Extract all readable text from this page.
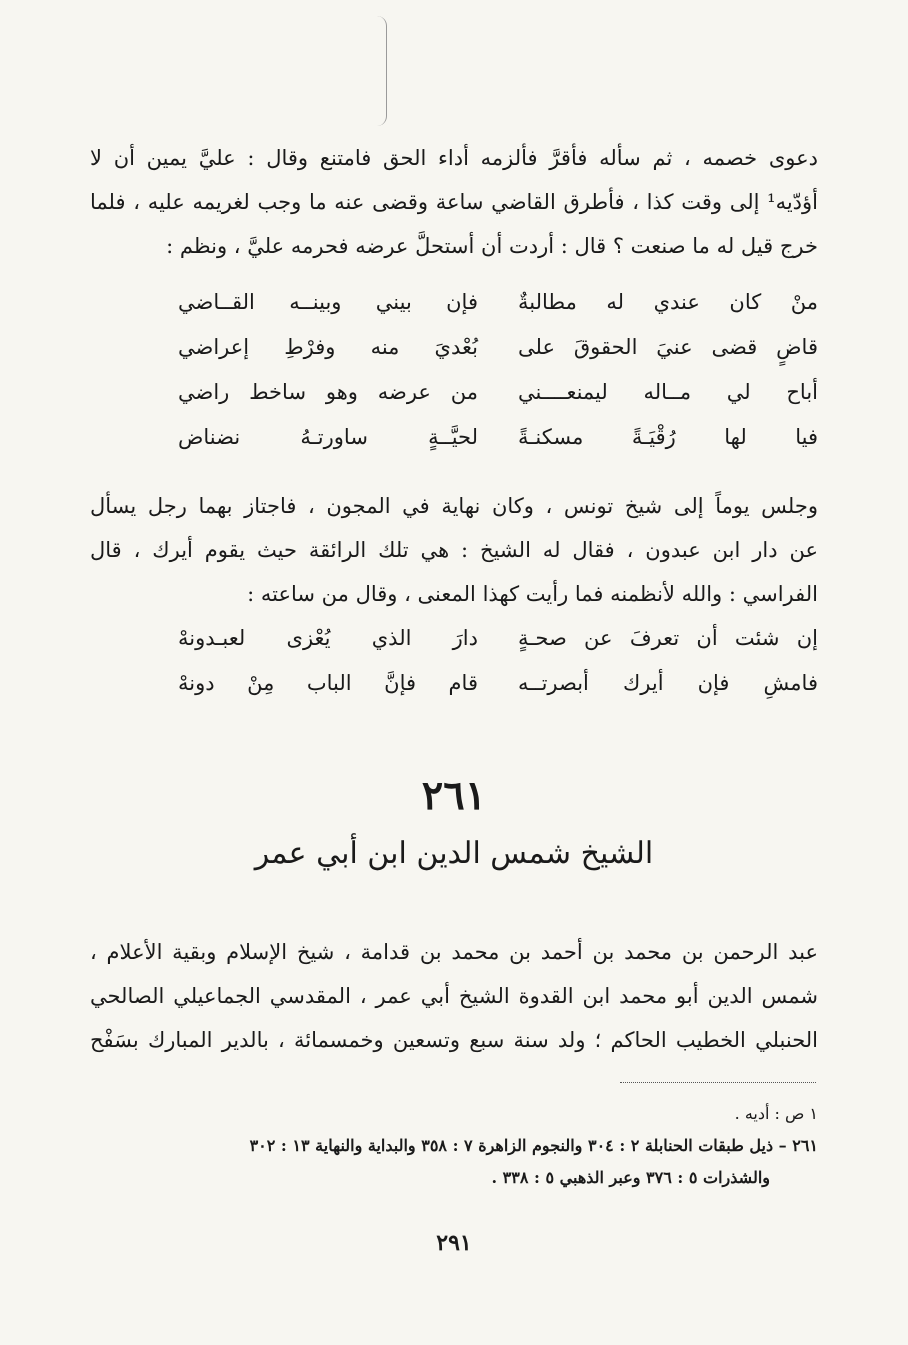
دعوى خصمه ، ثم سأله فأقرَّ فألزمه أداء الحق فامتنع وقال : عليَّ يمين أن لا
أؤدّيه¹ إلى وقت كذا ، فأطرق القاضي ساعة وقضى عنه ما وجب لغريمه عليه ، فلما
خرج قيل له ما صنعت ؟ قال : أردت أن أستحلَّ عرضه فحرمه عليَّ ، ونظم :
منْ كان عندي له مطالبةٌ
فإن بيني وبينــه القــاضي
قاضٍ قضى عنيَ الحقوقَ على
بُعْديَ منه وفرْطِ إعراضي
أباح لي مــاله ليمنعــــني
من عرضه وهو ساخط راضي
فيا لها رُقْيَـةً مسكنـةً
لحيَّــةٍ ساورتـهُ نضناض
وجلس يوماً إلى شيخ تونس ، وكان نهاية في المجون ، فاجتاز بهما رجل يسأل
عن دار ابن عبدون ، فقال له الشيخ : هي تلك الرائقة حيث يقوم أيرك ، قال
الفراسي : والله لأنظمنه فما رأيت كهذا المعنى ، وقال من ساعته :
إن شئت أن تعرفَ عن صحـةٍ
دارَ الذي يُعْزى لعبـدونهْ
فامشِ فإن أيرك أبصرتــه
قام فإنَّ الباب مِنْ دونهْ
٢٦١
الشيخ شمس الدين ابن أبي عمر
عبد الرحمن بن محمد بن أحمد بن محمد بن قدامة ، شيخ الإسلام وبقية الأعلام ،
شمس الدين أبو محمد ابن القدوة الشيخ أبي عمر ، المقدسي الجماعيلي الصالحي
الحنبلي الخطيب الحاكم ؛ ولد سنة سبع وتسعين وخمسمائة ، بالدير المبارك بسَفْح
١ ص : أديه .
٢٦١ – ذيل طبقات الحنابلة ٢ : ٣٠٤ والنجوم الزاهرة ٧ : ٣٥٨ والبداية والنهاية ١٣ : ٣٠٢
والشذرات ٥ : ٣٧٦ وعبر الذهبي ٥ : ٣٣٨ .
٢٩١
